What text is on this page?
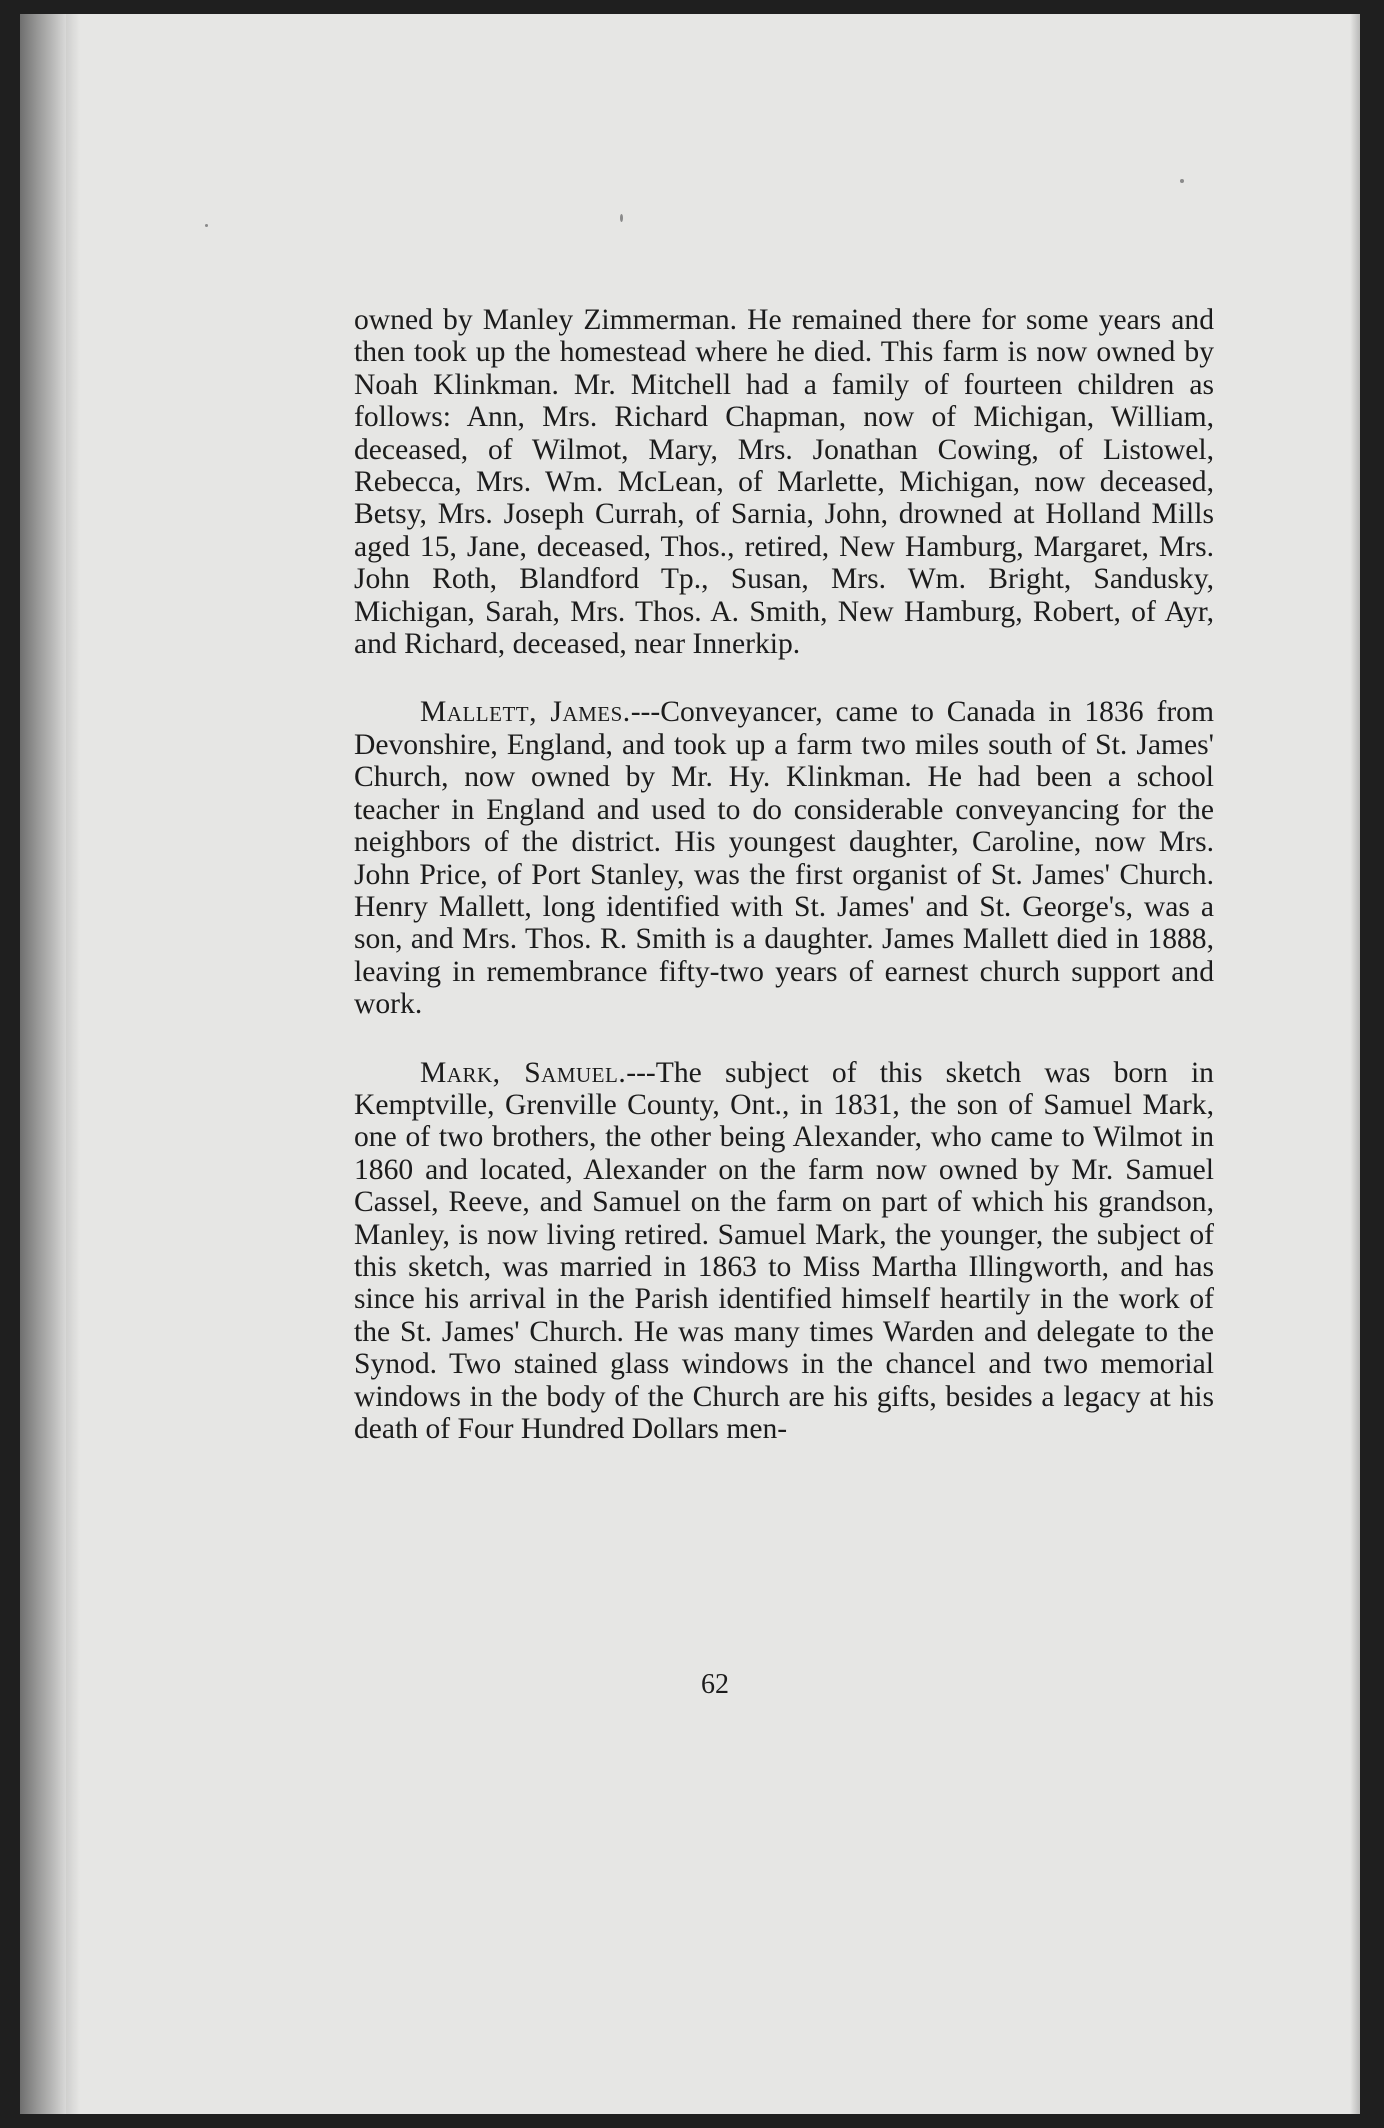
owned by Manley Zimmerman. He remained there for some years and then took up the homestead where he died. This farm is now owned by Noah Klinkman. Mr. Mitchell had a family of fourteen children as follows: Ann, Mrs. Richard Chapman, now of Michigan, William, deceased, of Wilmot, Mary, Mrs. Jonathan Cowing, of Listowel, Rebecca, Mrs. Wm. McLean, of Marlette, Michigan, now deceased, Betsy, Mrs. Joseph Currah, of Sarnia, John, drowned at Holland Mills aged 15, Jane, deceased, Thos., retired, New Hamburg, Margaret, Mrs. John Roth, Blandford Tp., Susan, Mrs. Wm. Bright, Sandusky, Michigan, Sarah, Mrs. Thos. A. Smith, New Hamburg, Robert, of Ayr, and Richard, deceased, near Innerkip.

Mallett, James.---Conveyancer, came to Canada in 1836 from Devonshire, England, and took up a farm two miles south of St. James' Church, now owned by Mr. Hy. Klinkman. He had been a school teacher in England and used to do considerable conveyancing for the neighbors of the district. His youngest daughter, Caroline, now Mrs. John Price, of Port Stanley, was the first organist of St. James' Church. Henry Mallett, long identified with St. James' and St. George's, was a son, and Mrs. Thos. R. Smith is a daughter. James Mallett died in 1888, leaving in remembrance fifty-two years of earnest church support and work.

Mark, Samuel.---The subject of this sketch was born in Kemptville, Grenville County, Ont., in 1831, the son of Samuel Mark, one of two brothers, the other being Alexander, who came to Wilmot in 1860 and located, Alexander on the farm now owned by Mr. Samuel Cassel, Reeve, and Samuel on the farm on part of which his grandson, Manley, is now living retired. Samuel Mark, the younger, the subject of this sketch, was married in 1863 to Miss Martha Illingworth, and has since his arrival in the Parish identified himself heartily in the work of the St. James' Church. He was many times Warden and delegate to the Synod. Two stained glass windows in the chancel and two memorial windows in the body of the Church are his gifts, besides a legacy at his death of Four Hundred Dollars men-

62
